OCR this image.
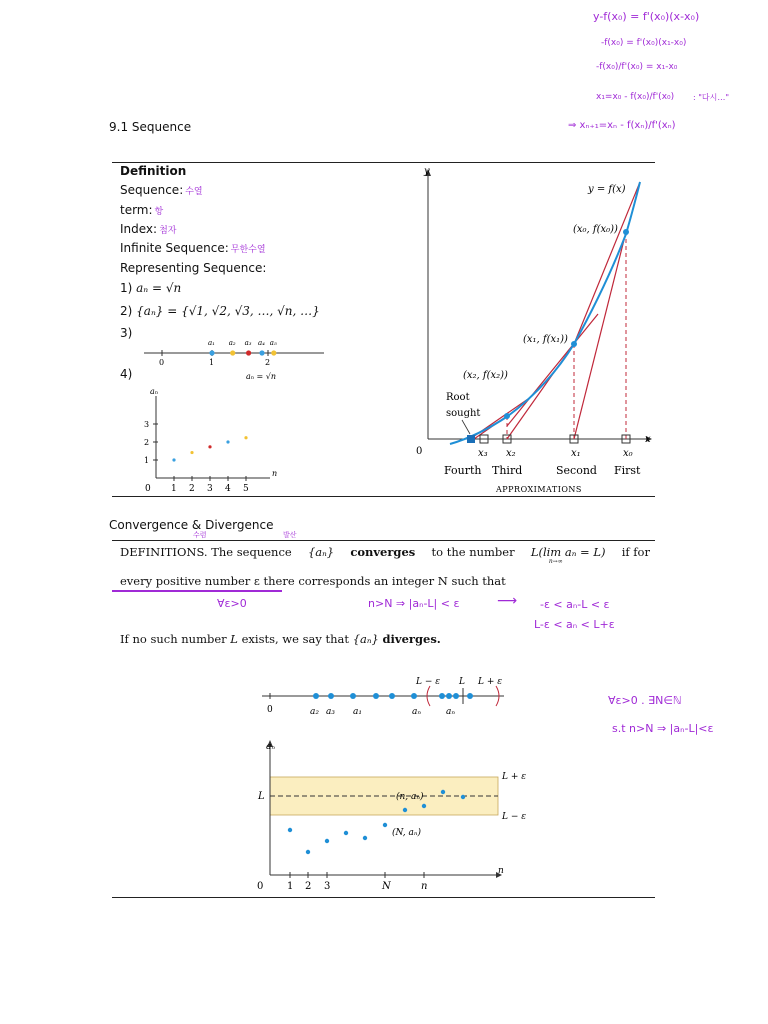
y-f(x₀) = f'(x₀)(x-x₀)
-f(x₀) = f'(x₀)(x₁-x₀)
-f(x₀)/f'(x₀) = x₁-x₀
x₁=x₀ - f(x₀)/f'(x₀) : "다시…"
⇒ xₙ₊₁=xₙ - f(xₙ)/f'(xₙ)
9.1 Sequence
Definition
Sequence: 수열
term: 항
Index: 첨자
Infinite Sequence: 무한수열
Representing Sequence:
1) aₙ = √n
2) {aₙ} = {√1, √2, √3, …, √n, …}
3)
4)
0	1	2
a₁ a₂ a₃ a₄ a₅
aₙ = √n
aₙ
n
1
2
3
0 1 2 3 4 5
y
x
0
y = f(x)
(x₀, f(x₀))
(x₁, f(x₁))
(x₂, f(x₂))
Root
sought
x₃ x₂	x₁	x₀
Fourth Third	Second First
APPROXIMATIONS
Convergence & Divergence
수렴	발산
DEFINITIONS. The sequence {aₙ} converges to the number L(lim aₙ = L)
n→∞
if for
every positive number ε there corresponds an integer N such that
∀ε>0	n>N ⇒ |aₙ-L| < ε	⟶ -ε < aₙ-L < ε
L-ε < aₙ < L+ε
If no such number L exists, we say that {aₙ} diverges.
0	a₂ a₃ a₁	aₙ	aₙ
L − ε L L + ε
∀ε>0 . ∃N∈ℕ
s.t n>N ⇒ |aₙ-L|<ε
aₙ
n
L
L + ε
L − ε
(n, aₙ)
(N, aₙ)
0 1 2 3	N	n
